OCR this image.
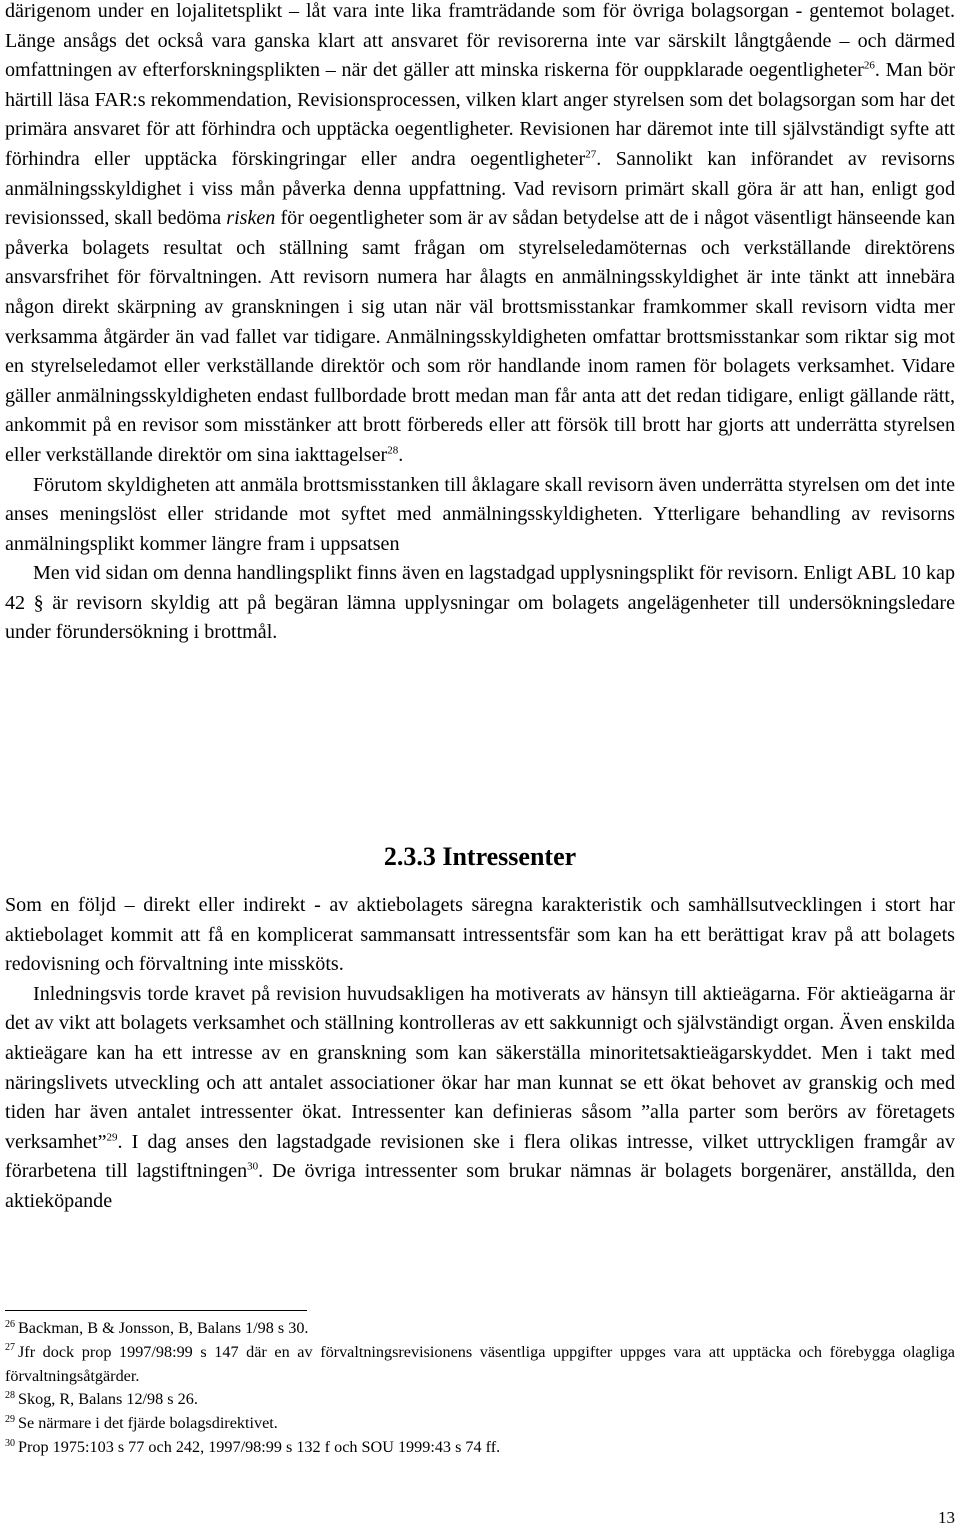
därigenom under en lojalitetsplikt – låt vara inte lika framträdande som för övriga bolagsorgan - gentemot bolaget. Länge ansågs det också vara ganska klart att ansvaret för revisorerna inte var särskilt långtgående – och därmed omfattningen av efterforskningsplikten – när det gäller att minska riskerna för ouppklarade oegentligheter$^{26}$. Man bör härtill läsa FAR:s rekommendation, Revisionsprocessen, vilken klart anger styrelsen som det bolagsorgan som har det primära ansvaret för att förhindra och upptäcka oegentligheter. Revisionen har däremot inte till självständigt syfte att förhindra eller upptäcka förskingringar eller andra oegentligheter$^{27}$. Sannolikt kan införandet av revisorns anmälningsskyldighet i viss mån påverka denna uppfattning. Vad revisorn primärt skall göra är att han, enligt god revisionssed, skall bedöma risken för oegentligheter som är av sådan betydelse att de i något väsentligt hänseende kan påverka bolagets resultat och ställning samt frågan om styrelseledamöternas och verkställande direktörens ansvarsfrihet för förvaltningen. Att revisorn numera har ålagts en anmälningsskyldighet är inte tänkt att innebära någon direkt skärpning av granskningen i sig utan när väl brottsmisstankar framkommer skall revisorn vidta mer verksamma åtgärder än vad fallet var tidigare. Anmälningsskyldigheten omfattar brottsmisstankar som riktar sig mot en styrelseledamot eller verkställande direktör och som rör handlande inom ramen för bolagets verksamhet. Vidare gäller anmälningsskyldigheten endast fullbordade brott medan man får anta att det redan tidigare, enligt gällande rätt, ankommit på en revisor som misstänker att brott förbereds eller att försök till brott har gjorts att underrätta styrelsen eller verkställande direktör om sina iakttagelser$^{28}$.

Förutom skyldigheten att anmäla brottsmisstanken till åklagare skall revisorn även underrätta styrelsen om det inte anses meningslöst eller stridande mot syftet med anmälningsskyldigheten. Ytterligare behandling av revisorns anmälningsplikt kommer längre fram i uppsatsen

Men vid sidan om denna handlingsplikt finns även en lagstadgad upplysningsplikt för revisorn. Enligt ABL 10 kap 42 § är revisorn skyldig att på begäran lämna upplysningar om bolagets angelägenheter till undersökningsledare under förundersökning i brottmål.

2.3.3 Intressenter

Som en följd – direkt eller indirekt - av aktiebolagets säregna karakteristik och samhällsutvecklingen i stort har aktiebolaget kommit att få en komplicerat sammansatt intressentsfär som kan ha ett berättigat krav på att bolagets redovisning och förvaltning inte missköts.

Inledningsvis torde kravet på revision huvudsakligen ha motiverats av hänsyn till aktieägarna. För aktieägarna är det av vikt att bolagets verksamhet och ställning kontrolleras av ett sakkunnigt och självständigt organ. Även enskilda aktieägare kan ha ett intresse av en granskning som kan säkerställa minoritetsaktieägarskyddet. Men i takt med näringslivets utveckling och att antalet associationer ökar har man kunnat se ett ökat behovet av granskig och med tiden har även antalet intressenter ökat. Intressenter kan definieras såsom ”alla parter som berörs av företagets verksamhet”$^{29}$. I dag anses den lagstadgade revisionen ske i flera olikas intresse, vilket uttryckligen framgår av förarbetena till lagstiftningen$^{30}$. De övriga intressenter som brukar nämnas är bolagets borgenärer, anställda, den aktieköpande

$^{26}$ Backman, B & Jonsson, B, Balans 1/98 s 30.

$^{27}$ Jfr dock prop 1997/98:99 s 147 där en av förvaltningsrevisionens väsentliga uppgifter uppges vara att upptäcka och förebygga olagliga förvaltningsåtgärder.

$^{28}$ Skog, R, Balans 12/98 s 26.

$^{29}$ Se närmare i det fjärde bolagsdirektivet.

$^{30}$ Prop 1975:103 s 77 och 242, 1997/98:99 s 132 f och SOU 1999:43 s 74 ff.

13
